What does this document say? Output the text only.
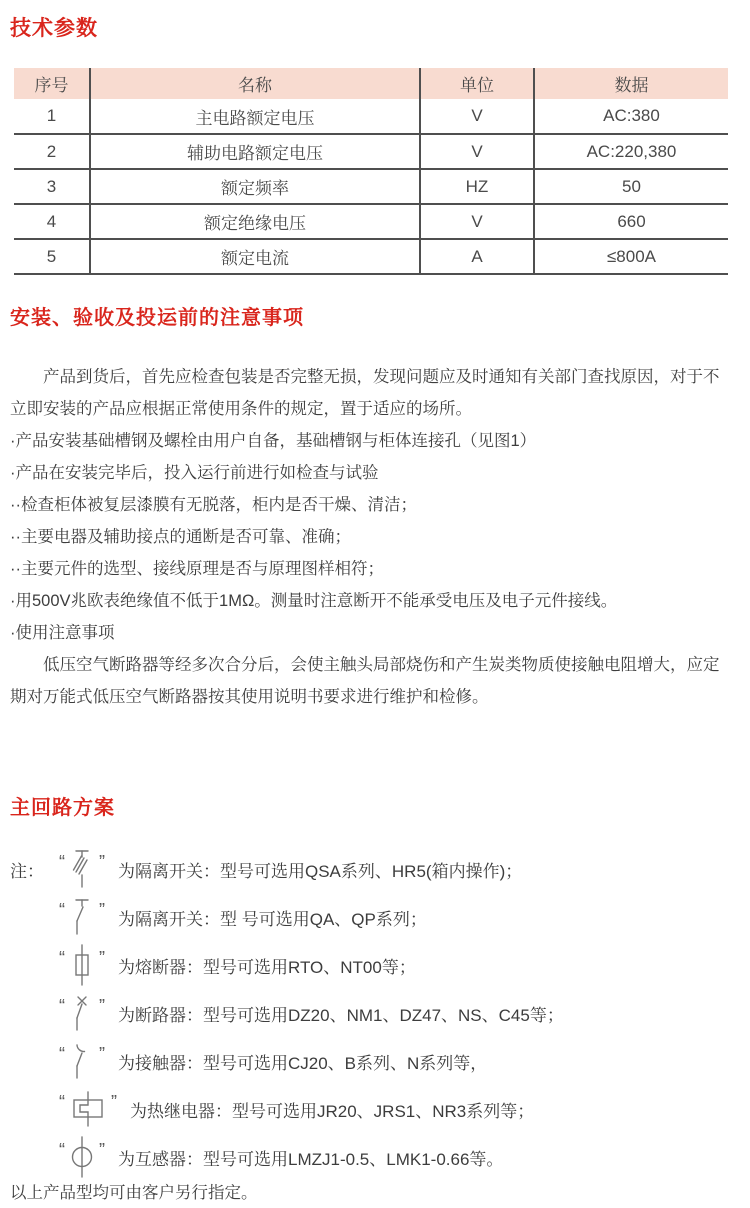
技术参数
序号	名称	单位	数据
1	主电路额定电压	V	AC:380
2	辅助电路额定电压	V	AC:220,380
3	额定频率	HZ	50
4	额定绝缘电压	V	660
5	额定电流	A	≤800A
安装、验收及投运前的注意事项
产品到货后，首先应检查包装是否完整无损，发现问题应及时通知有关部门查找原因，对于不立即安装的产品应根据正常使用条件的规定，置于适应的场所。
·产品安装基础槽钢及螺栓由用户自备，基础槽钢与柜体连接孔（见图1）
·产品在安装完毕后，投入运行前进行如检查与试验
··检查柜体被复层漆膜有无脱落，柜内是否干燥、清洁；
··主要电器及辅助接点的通断是否可靠、准确；
··主要元件的选型、接线原理是否与原理图样相符；
·用500V兆欧表绝缘值不低于1MΩ。测量时注意断开不能承受电压及电子元件接线。
·使用注意事项
低压空气断路器等经多次合分后，会使主触头局部烧伤和产生炭类物质使接触电阻增大，应定期对万能式低压空气断路器按其使用说明书要求进行维护和检修。
主回路方案
注： “ ” 为隔离开关：型号可选用QSA系列、HR5(箱内操作)；
“ ” 为隔离开关：型 号可选用QA、QP系列；
“ ” 为熔断器：型号可选用RTO、NT00等；
“ ” 为断路器：型号可选用DZ20、NM1、DZ47、NS、C45等；
“ ” 为接触器：型号可选用CJ20、B系列、N系列等，
“	” 为热继电器：型号可选用JR20、JRS1、NR3系列等；
“ ” 为互感器：型号可选用LMZJ1-0.5、LMK1-0.66等。
以上产品型均可由客户另行指定。
